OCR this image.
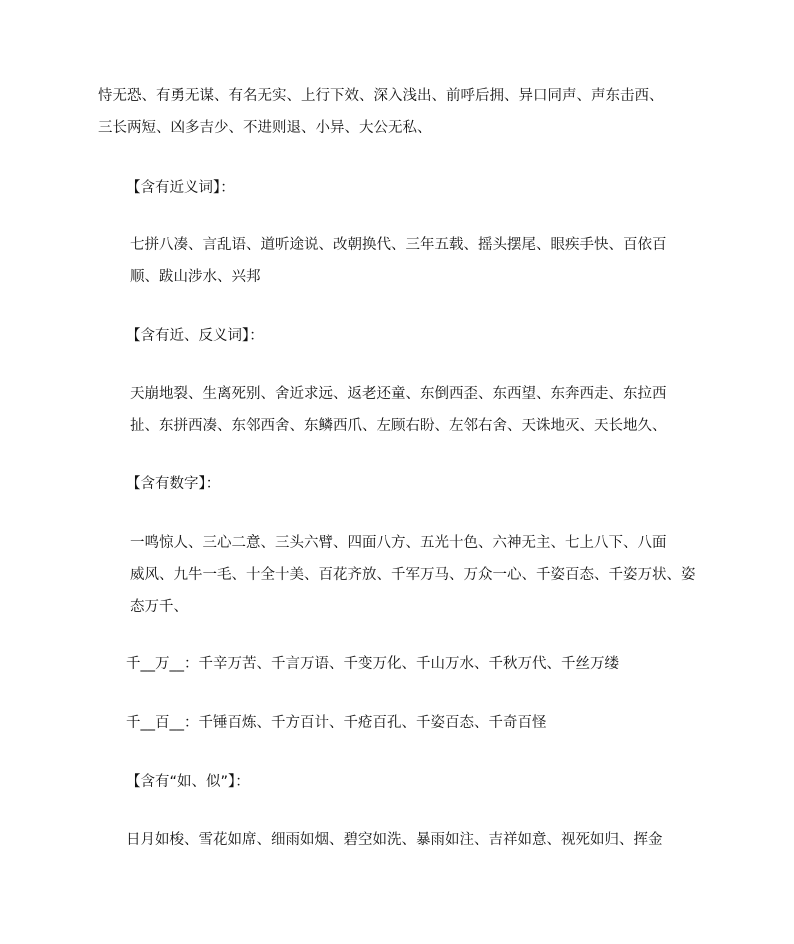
恃无恐、有勇无谋、有名无实、上行下效、深入浅出、前呼后拥、异口同声、声东击西、
三长两短、凶多吉少、不进则退、小异、大公无私、

【含有近义词】：

七拼八凑、言乱语、道听途说、改朝换代、三年五载、摇头摆尾、眼疾手快、百依百
顺、跋山涉水、兴邦

【含有近、反义词】：

天崩地裂、生离死别、舍近求远、返老还童、东倒西歪、东西望、东奔西走、东拉西
扯、东拼西凑、东邻西舍、东鳞西爪、左顾右盼、左邻右舍、天诛地灭、天长地久、

【含有数字】：

一鸣惊人、三心二意、三头六臂、四面八方、五光十色、六神无主、七上八下、八面
威风、九牛一毛、十全十美、百花齐放、千军万马、万众一心、千姿百态、千姿万状、姿
态万千、

千__万__：千辛万苦、千言万语、千变万化、千山万水、千秋万代、千丝万缕

千__百__：千锤百炼、千方百计、千疮百孔、千姿百态、千奇百怪

【含有“如、似”】：

日月如梭、雪花如席、细雨如烟、碧空如洗、暴雨如注、吉祥如意、视死如归、挥金
